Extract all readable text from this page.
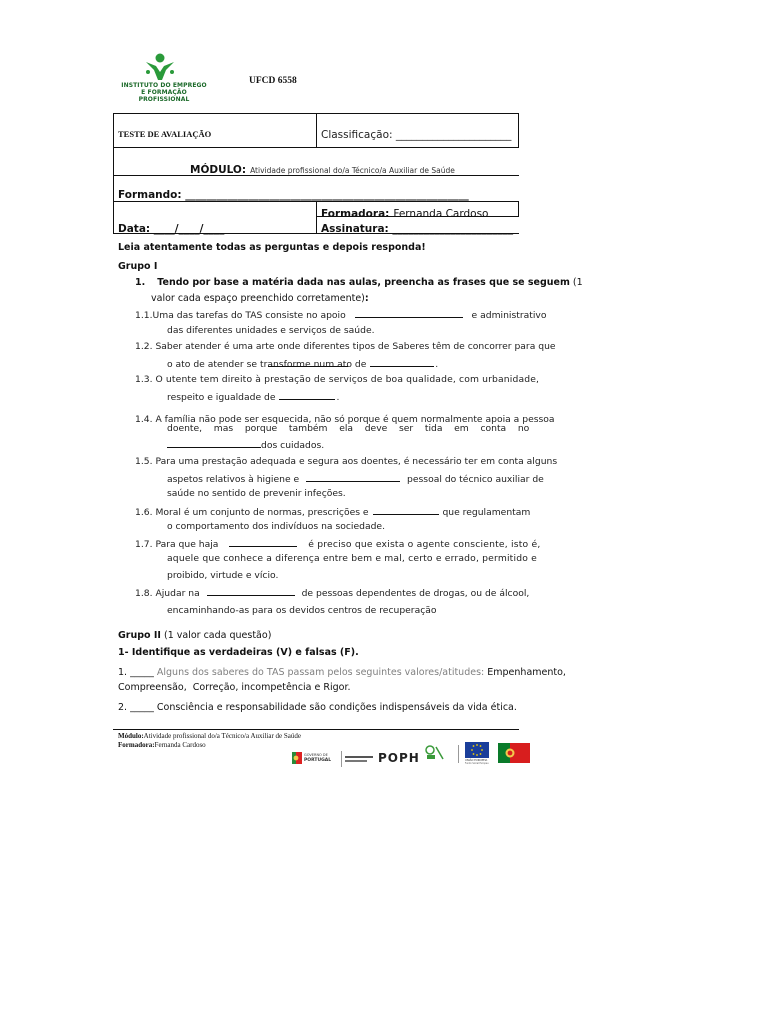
INSTITUTO DO EMPREGO
E FORMAÇÃO PROFISSIONAL
UFCD 6558
TESTE DE AVALIAÇÃO	Classificação: ______________________
MÓDULO: Atividade profissional do/a Técnico/a Auxiliar de Saúde
Formando: ______________________________________________________
Formadora: Fernanda Cardoso
Data: ____/____/____	Assinatura: _______________________
Leia atentamente todas as perguntas e depois responda!
Grupo I
1. Tendo por base a matéria dada nas aulas, preencha as frases que se seguem (1
valor cada espaço preenchido corretamente):
1.1.Uma das tarefas do TAS consiste no apoio	e administrativo
das diferentes unidades e serviços de saúde.
1.2. Saber atender é uma arte onde diferentes tipos de Saberes têm de concorrer para que
o ato de atender se transforme num ato de	.
1.3. O utente tem direito à prestação de serviços de boa qualidade, com urbanidade,
respeito e igualdade de	.
1.4. A família não pode ser esquecida, não só porque é quem normalmente apoia a pessoa
doente,    mas    porque    também    ela    deve    ser    tida    em    conta    no
dos cuidados.
1.5. Para uma prestação adequada e segura aos doentes, é necessário ter em conta alguns
aspetos relativos à higiene e	pessoal do técnico auxiliar de
saúde no sentido de prevenir infeções.
1.6. Moral é um conjunto de normas, prescrições e	que regulamentam
o comportamento dos indivíduos na sociedade.
1.7. Para que haja	é preciso que exista o agente consciente, isto é,
aquele que conhece a diferença entre bem e mal, certo e errado, permitido e
proibido, virtude e vício.
1.8. Ajudar na	de pessoas dependentes de drogas, ou de álcool,
encaminhando-as para os devidos centros de recuperação
Grupo II (1 valor cada questão)
1- Identifique as verdadeiras (V) e falsas (F).
1. _____ Alguns dos saberes do TAS passam pelos seguintes valores/atitudes: Empenhamento,
Compreensão,  Correção, incompetência e Rigor.
2. _____ Consciência e responsabilidade são condições indispensáveis da vida ética.
Módulo:Atividade profissional do/a Técnico/a Auxiliar de Saúde
Formadora:Fernanda Cardoso
GOVERNO DE
PORTUGAL	POPH	UNIÃO EUROPEIA
Fundo Social Europeu
